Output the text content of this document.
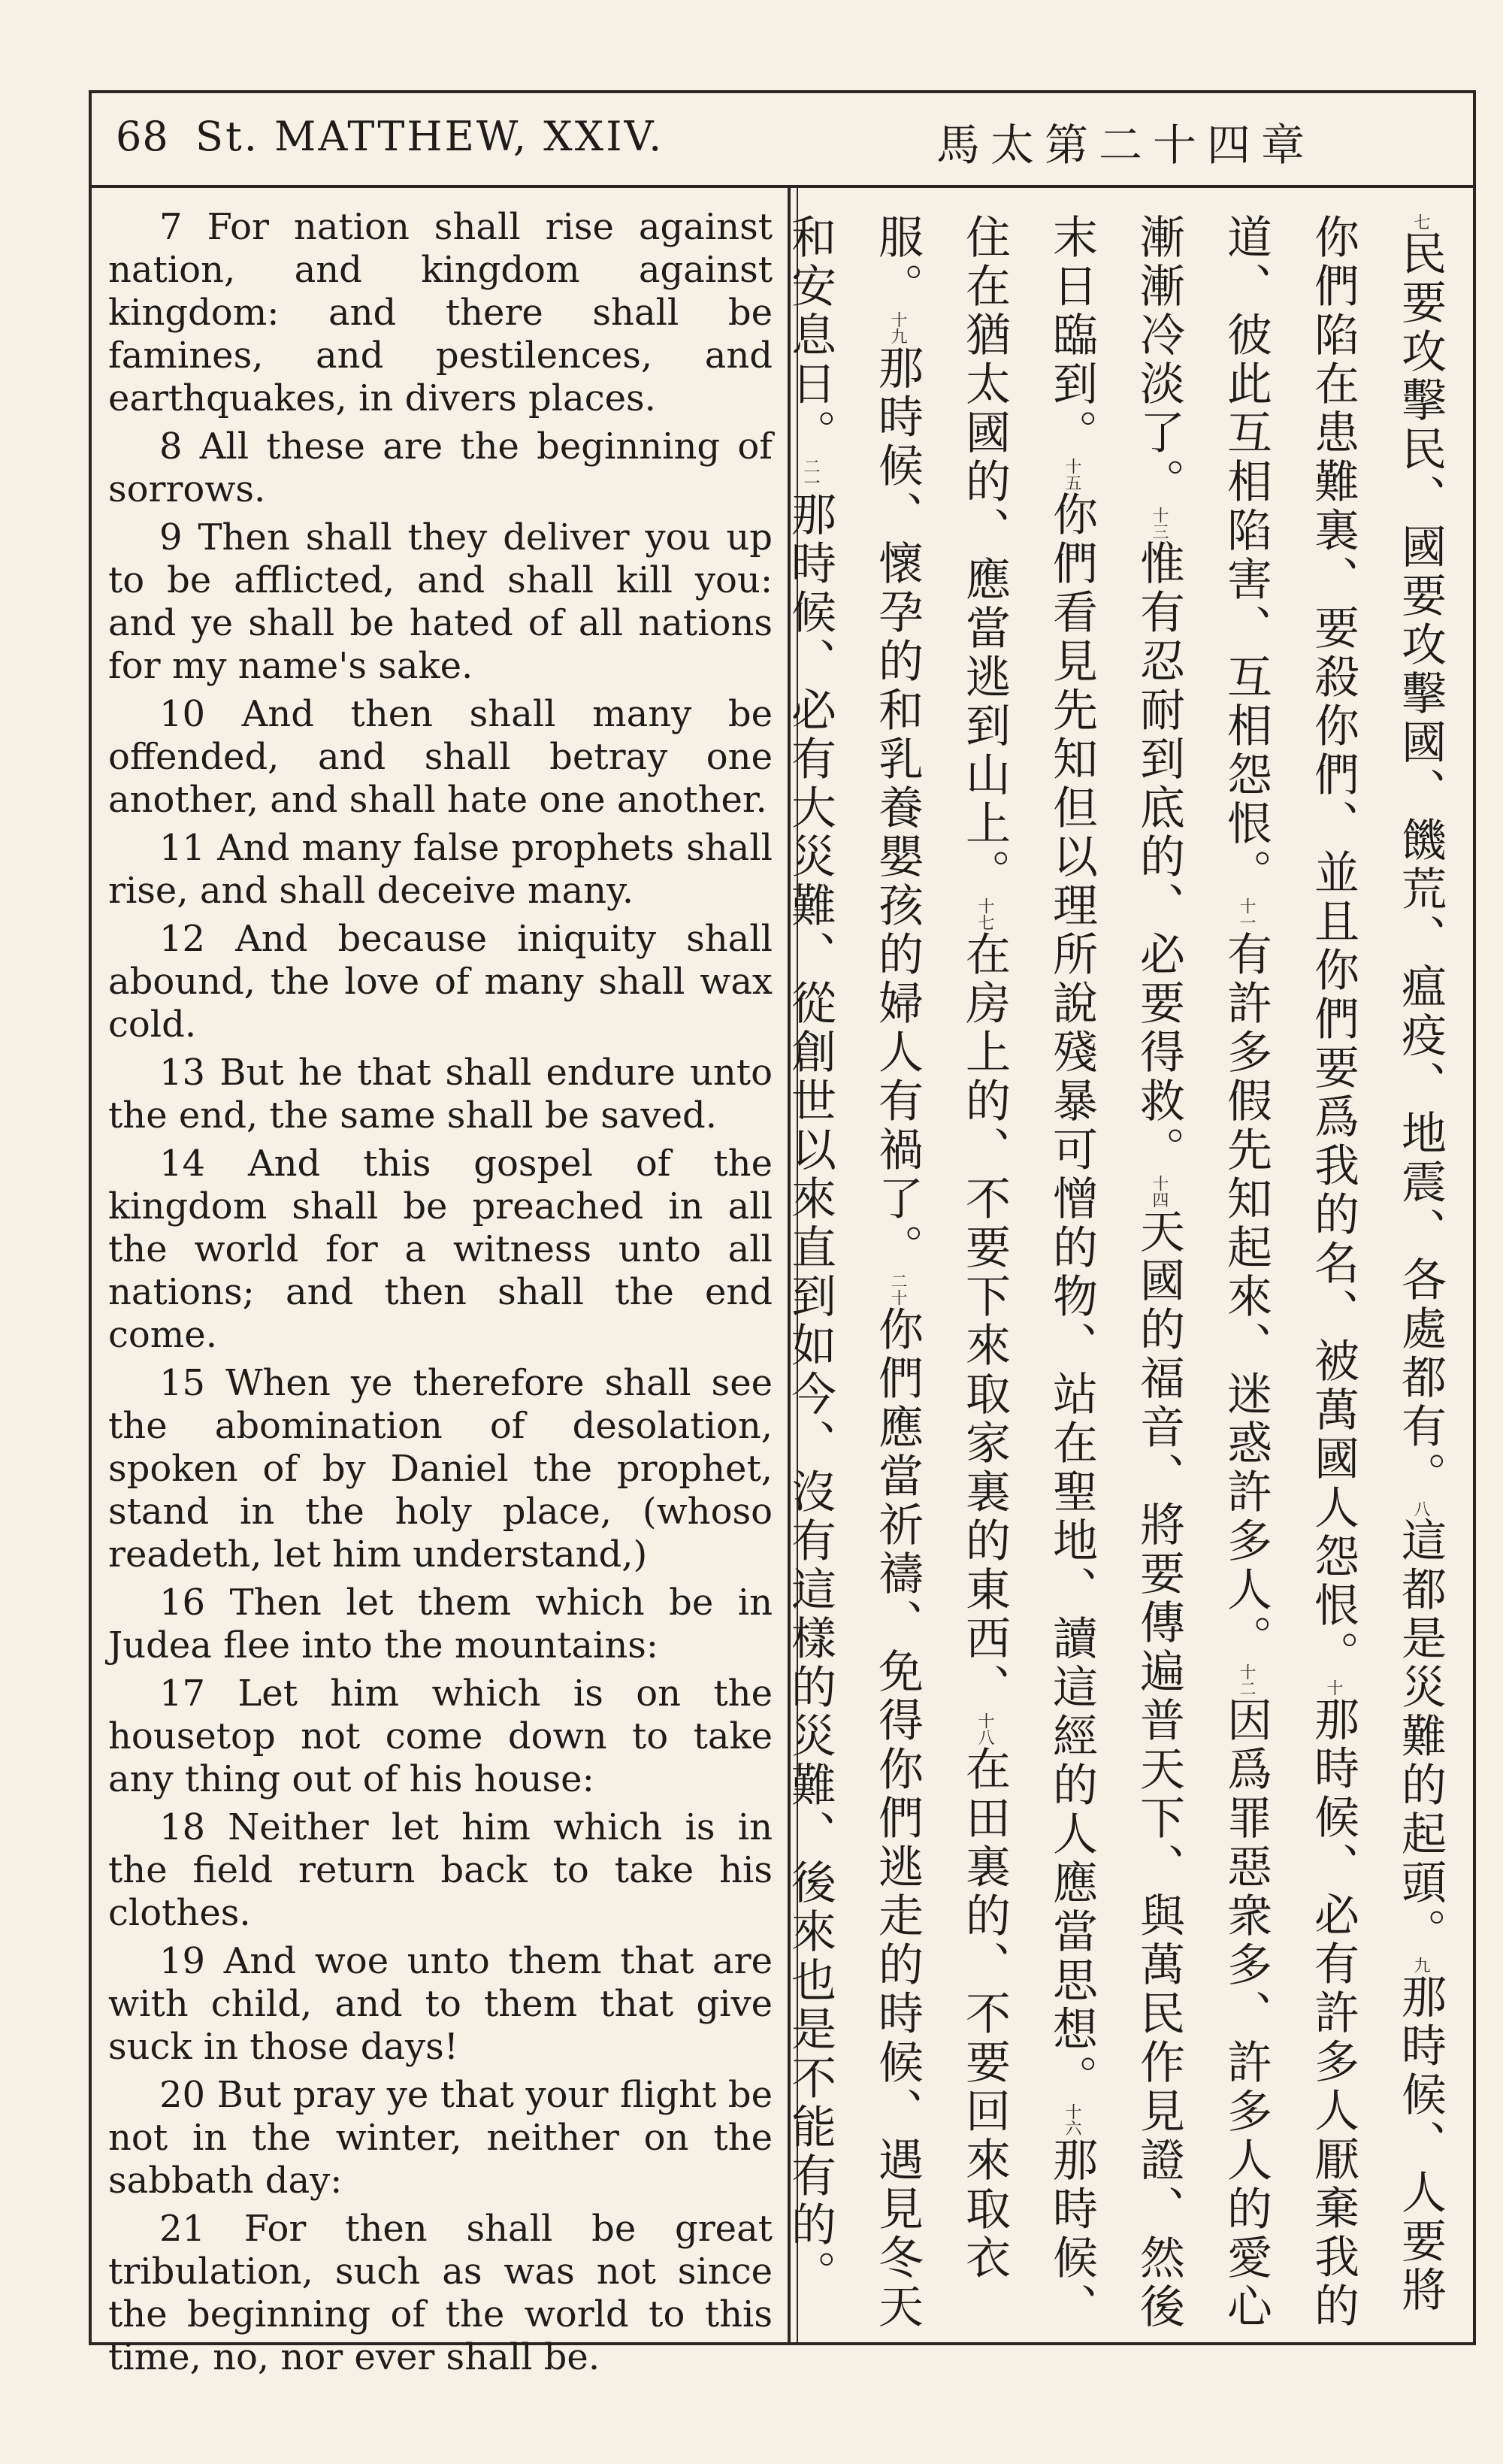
68 St. MATTHEW, XXIV.	馬太第二十四章

7 For nation shall rise against nation, and kingdom against kingdom: and there shall be famines, and pestilences, and earthquakes, in divers places.

8 All these are the beginning of sorrows.

9 Then shall they deliver you up to be afflicted, and shall kill you: and ye shall be hated of all nations for my name's sake.

10 And then shall many be offended, and shall betray one another, and shall hate one another.

11 And many false prophets shall rise, and shall deceive many.

12 And because iniquity shall abound, the love of many shall wax cold.

13 But he that shall endure unto the end, the same shall be saved.

14 And this gospel of the kingdom shall be preached in all the world for a witness unto all nations; and then shall the end come.

15 When ye therefore shall see the abomination of desolation, spoken of by Daniel the prophet, stand in the holy place, (whoso readeth, let him understand,)

16 Then let them which be in Judea flee into the mountains:

17 Let him which is on the housetop not come down to take any thing out of his house:

18 Neither let him which is in the field return back to take his clothes.

19 And woe unto them that are with child, and to them that give suck in those days!

20 But pray ye that your flight be not in the winter, neither on the sabbath day:

21 For then shall be great tribulation, such as was not since the beginning of the world to this time, no, nor ever shall be.

七民要攻擊民、國要攻擊國、饑荒、瘟疫、地震、各處都有。八這都是災難的起頭。九那時候、人要將你們陷在患難裏、要殺你們、並且你們要爲我的名、被萬國人怨恨。十那時候、必有許多人厭棄我的道、彼此互相陷害、互相怨恨。十一有許多假先知起來、迷惑許多人。十二因爲罪惡衆多、許多人的愛心漸漸冷淡了。十三惟有忍耐到底的、必要得救。十四天國的福音、將要傳遍普天下、與萬民作見證、然後末日臨到。十五你們看見先知但以理所說殘暴可憎的物、站在聖地、讀這經的人應當思想。十六那時候、住在猶太國的、應當逃到山上。十七在房上的、不要下來取家裏的東西、十八在田裏的、不要回來取衣服。十九那時候、懷孕的和乳養嬰孩的婦人有禍了。二十你們應當祈禱、免得你們逃走的時候、遇見冬天和安息日。二一那時候、必有大災難、從創世以來直到如今、沒有這樣的災難、後來也是不能有的。
